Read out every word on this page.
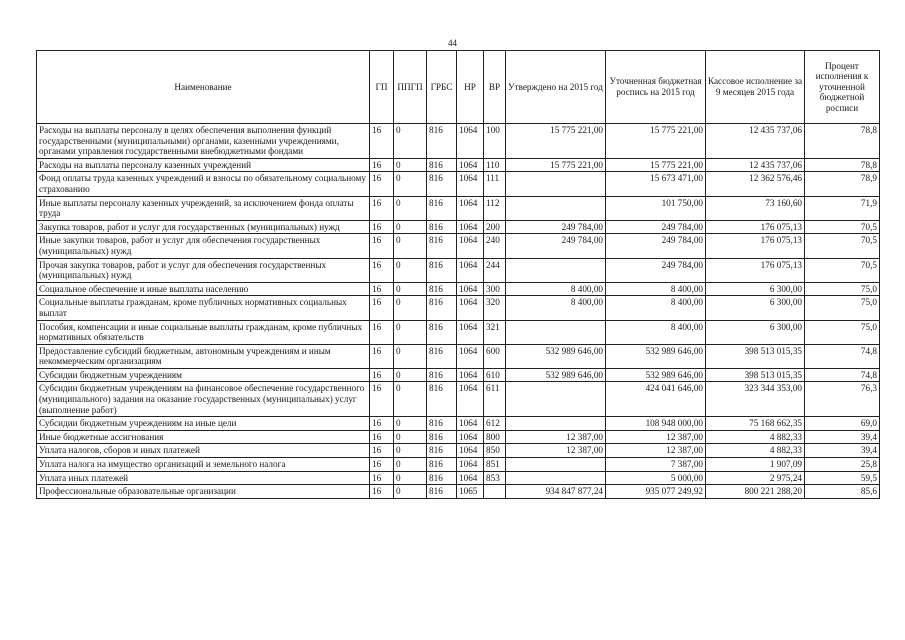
44
Наименование	ГП	ППГП	ГРБС	НР	ВР	Утверждено на 2015 год	Уточненная бюджетная роспись на 2015 год	Кассовое исполнение за 9 месяцев 2015 года	Процент исполнения к уточненной бюджетной росписи
Расходы на выплаты персоналу в целях обеспечения выполнения функций государственными (муниципальными) органами, казенными учреждениями, органами управления государственными внебюджетными фондами	16	0	816	1064	100	15 775 221,00	15 775 221,00	12 435 737,06	78,8
Расходы на выплаты персоналу казенных учреждений	16	0	816	1064	110	15 775 221,00	15 775 221,00	12 435 737,06	78,8
Фонд оплаты труда казенных учреждений и взносы по обязательному социальному страхованию	16	0	816	1064	111		15 673 471,00	12 362 576,46	78,9
Иные выплаты персоналу казенных учреждений, за исключением фонда оплаты труда	16	0	816	1064	112		101 750,00	73 160,60	71,9
Закупка товаров, работ и услуг для государственных (муниципальных) нужд	16	0	816	1064	200	249 784,00	249 784,00	176 075,13	70,5
Иные закупки товаров, работ и услуг для обеспечения государственных (муниципальных) нужд	16	0	816	1064	240	249 784,00	249 784,00	176 075,13	70,5
Прочая закупка товаров, работ и услуг для обеспечения государственных (муниципальных) нужд	16	0	816	1064	244		249 784,00	176 075,13	70,5
Социальное обеспечение и иные выплаты населению	16	0	816	1064	300	8 400,00	8 400,00	6 300,00	75,0
Социальные выплаты гражданам, кроме публичных нормативных социальных выплат	16	0	816	1064	320	8 400,00	8 400,00	6 300,00	75,0
Пособия, компенсации и иные социальные выплаты гражданам, кроме публичных нормативных обязательств	16	0	816	1064	321		8 400,00	6 300,00	75,0
Предоставление субсидий бюджетным, автономным учреждениям и иным некоммерческим организациям	16	0	816	1064	600	532 989 646,00	532 989 646,00	398 513 015,35	74,8
Субсидии бюджетным учреждениям	16	0	816	1064	610	532 989 646,00	532 989 646,00	398 513 015,35	74,8
Субсидии бюджетным учреждениям на финансовое обеспечение государственного (муниципального) задания на оказание государственных (муниципальных) услуг (выполнение работ)	16	0	816	1064	611		424 041 646,00	323 344 353,00	76,3
Субсидии бюджетным учреждениям на иные цели	16	0	816	1064	612		108 948 000,00	75 168 662,35	69,0
Иные бюджетные ассигнования	16	0	816	1064	800	12 387,00	12 387,00	4 882,33	39,4
Уплата налогов, сборов и иных платежей	16	0	816	1064	850	12 387,00	12 387,00	4 882,33	39,4
Уплата налога на имущество организаций и земельного налога	16	0	816	1064	851		7 387,00	1 907,09	25,8
Уплата иных платежей	16	0	816	1064	853		5 000,00	2 975,24	59,5
Профессиональные образовательные организации	16	0	816	1065		934 847 877,24	935 077 249,92	800 221 288,20	85,6
